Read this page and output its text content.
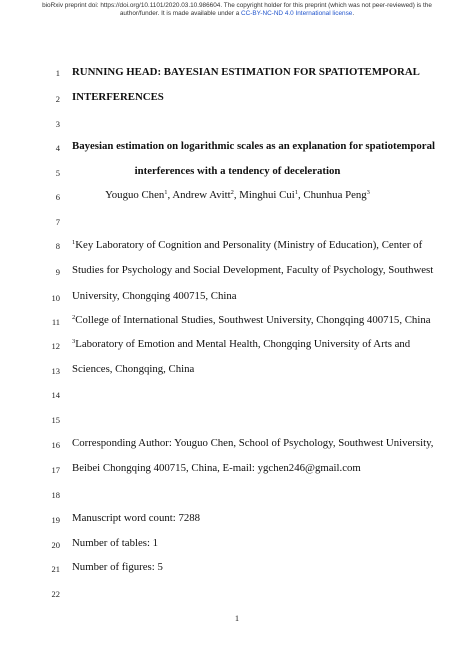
bioRxiv preprint doi: https://doi.org/10.1101/2020.03.10.986604. The copyright holder for this preprint (which was not peer-reviewed) is the
author/funder. It is made available under a CC-BY-NC-ND 4.0 International license.
1
2
3
4
5
6
7
8
9
10
11
12
13
14
15
16
17
18
19
20
21
22
RUNNING HEAD: BAYESIAN ESTIMATION FOR SPATIOTEMPORAL
INTERFERENCES
Bayesian estimation on logarithmic scales as an explanation for spatiotemporal
interferences with a tendency of deceleration
Youguo Chen$^1$, Andrew Avitt$^2$, Minghui Cui$^1$, Chunhua Peng$^3$
$^1$Key Laboratory of Cognition and Personality (Ministry of Education), Center of
Studies for Psychology and Social Development, Faculty of Psychology, Southwest
University, Chongqing 400715, China
$^2$College of International Studies, Southwest University, Chongqing 400715, China
$^3$Laboratory of Emotion and Mental Health, Chongqing University of Arts and
Sciences, Chongqing, China
Corresponding Author: Youguo Chen, School of Psychology, Southwest University,
Beibei Chongqing 400715, China, E-mail: ygchen246@gmail.com
Manuscript word count: 7288
Number of tables: 1
Number of figures: 5
1
